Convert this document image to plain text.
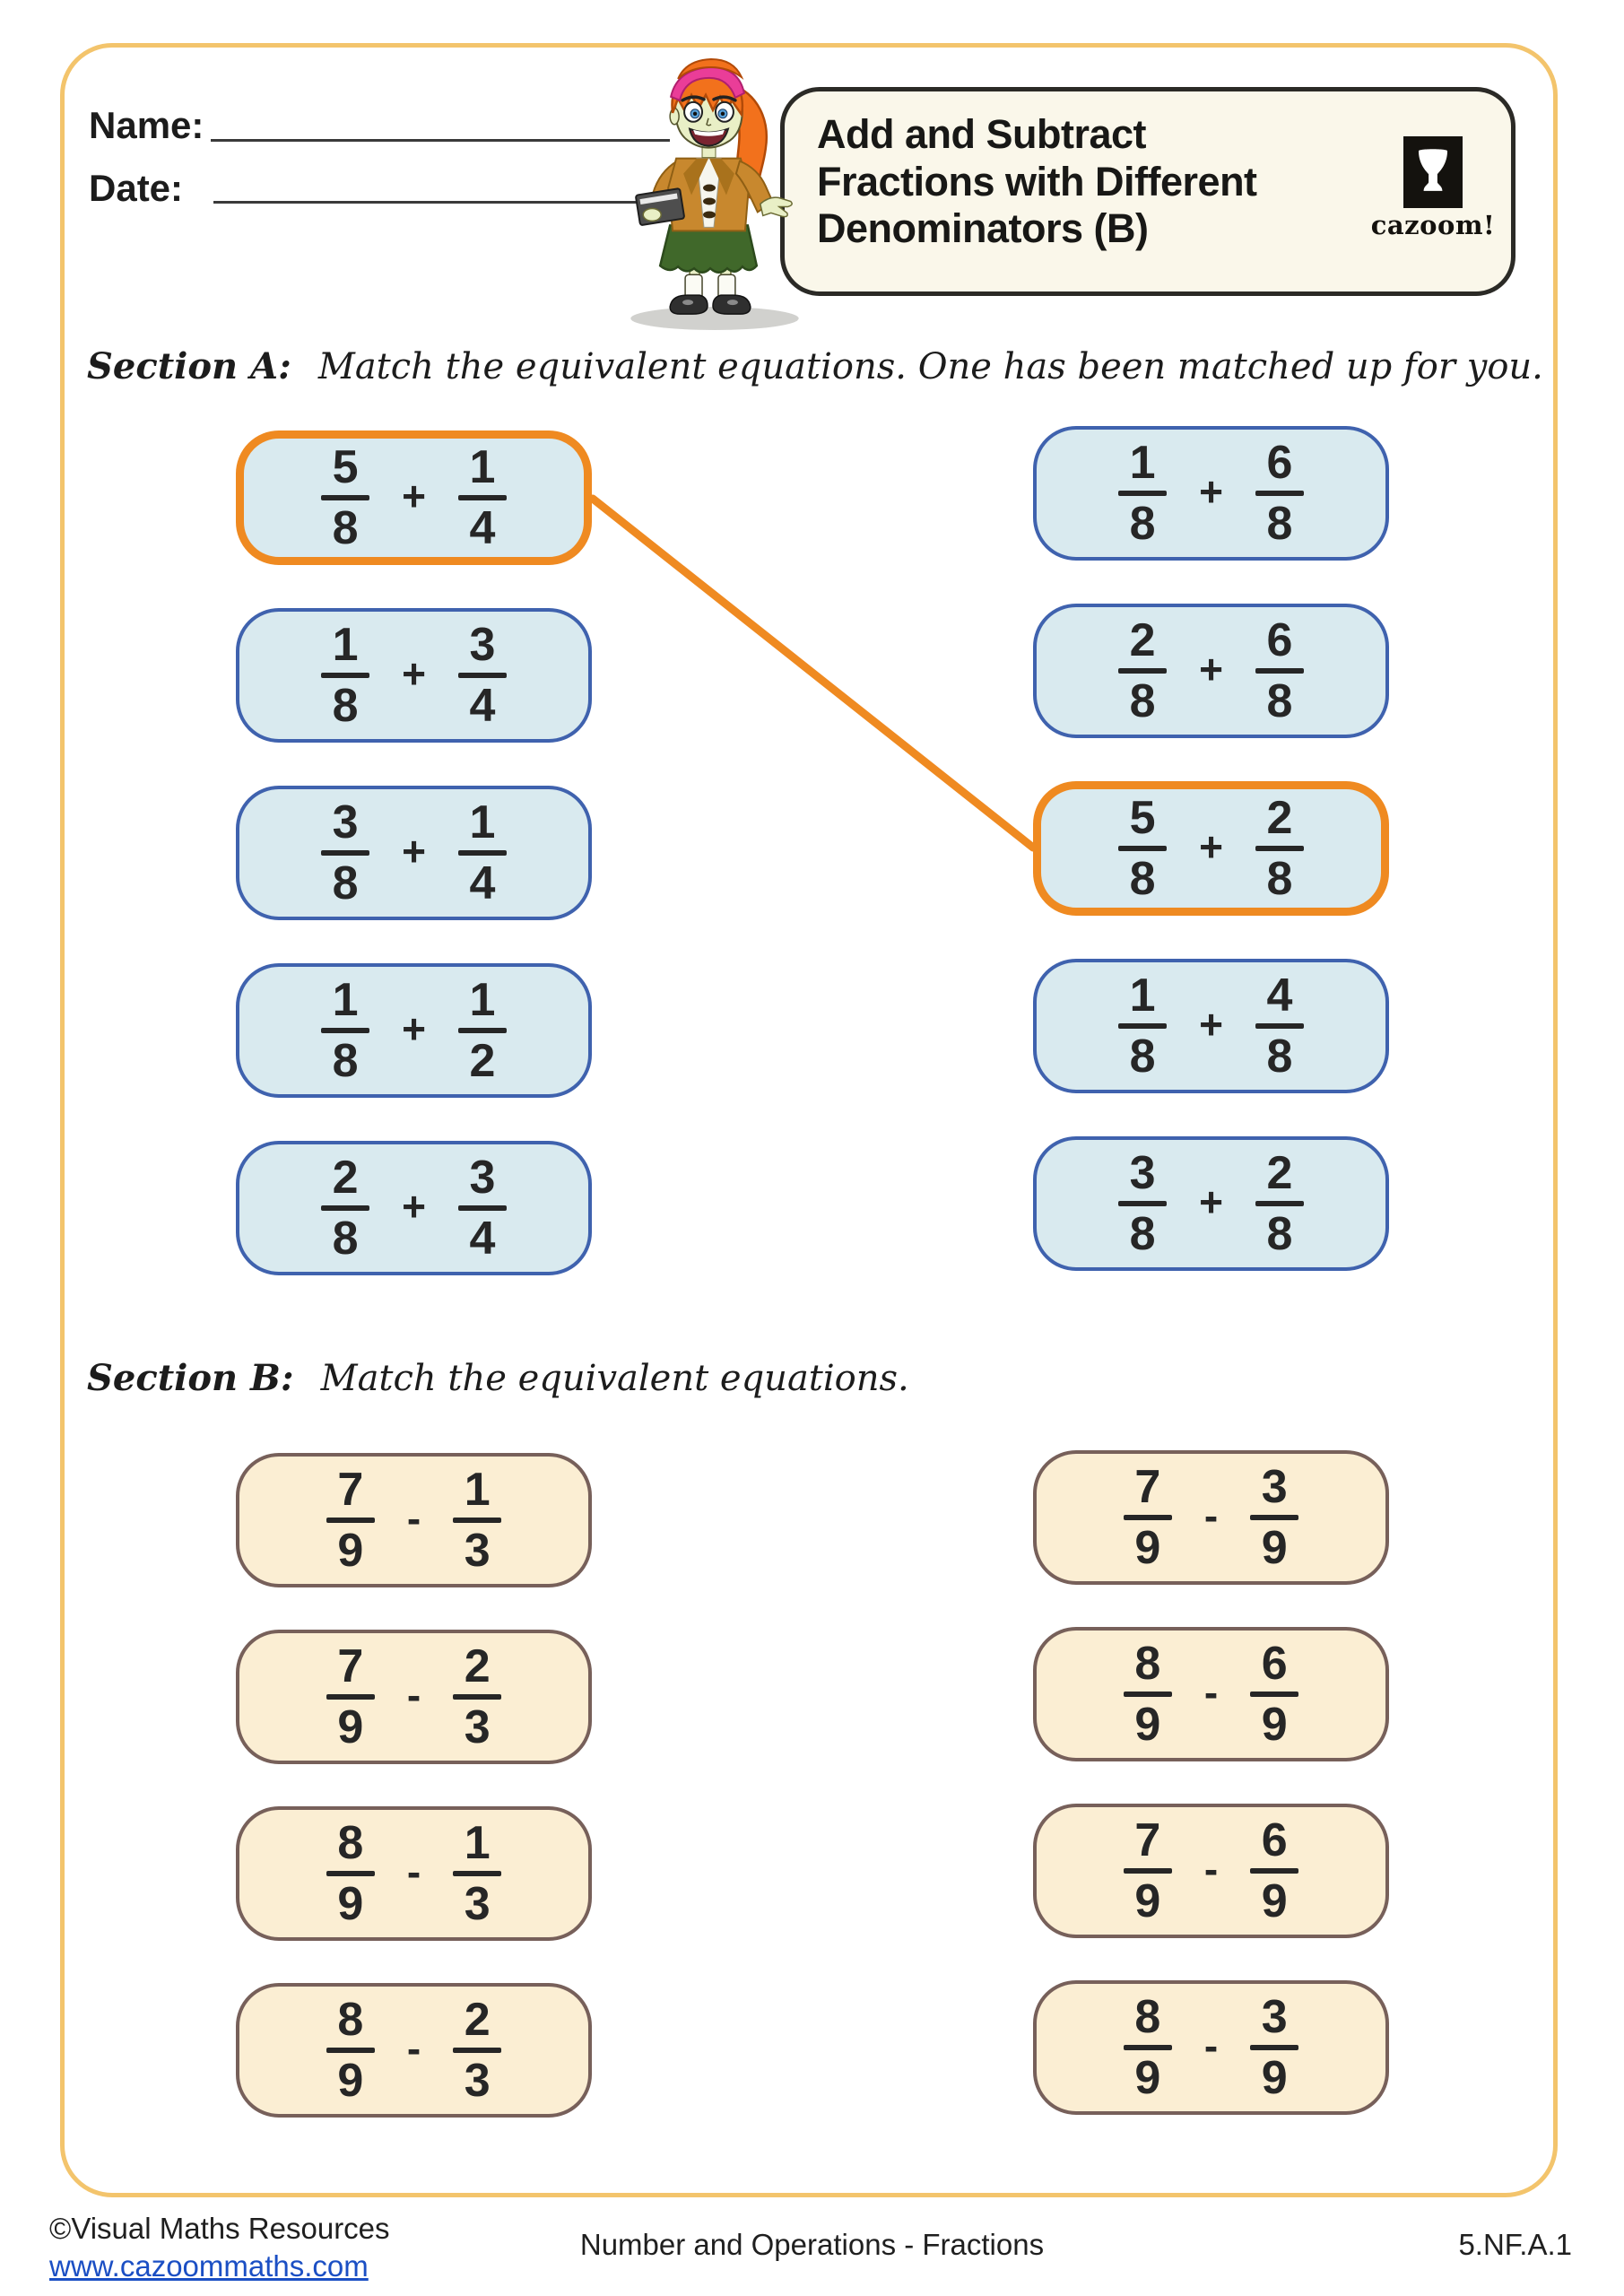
Name:
Date:
Add and Subtract
Fractions with Different
Denominators (B)	cazoom!
Section A: Match the equivalent equations. One has been matched up for you.
5
8
+
1
4
1
8
+
3
4
3
8
+
1
4
1
8
+
1
2
2
8
+
3
4
1
8
+
6
8
2
8
+
6
8
5
8
+
2
8
1
8
+
4
8
3
8
+
2
8
Section B: Match the equivalent equations.
7
9
-
1
3
7
9
-
2
3
8
9
-
1
3
8
9
-
2
3
7
9
-
3
9
8
9
-
6
9
7
9
-
6
9
8
9
-
3
9
©Visual Maths Resources
www.cazoommaths.com
Number and Operations - Fractions	5.NF.A.1
